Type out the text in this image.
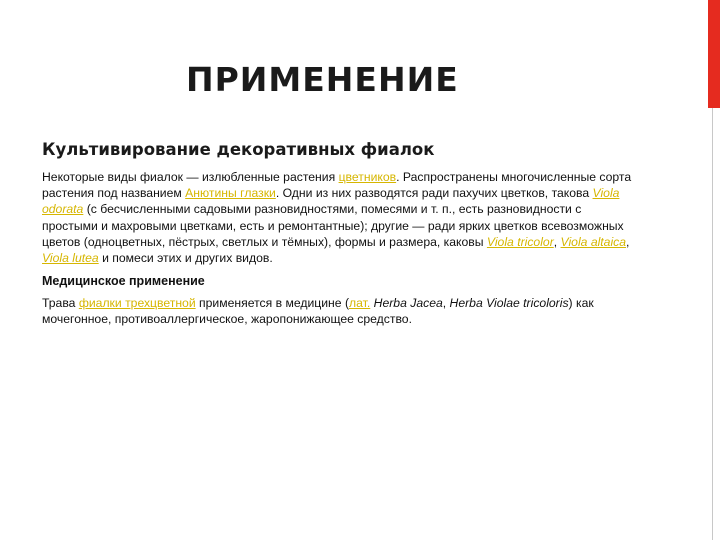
ПРИМЕНЕНИЕ
Культивирование декоративных фиалок

Некоторые виды фиалок — излюбленные растения цветников. Распространены многочисленные сорта растения под названием Анютины глазки. Одни из них разводятся ради пахучих цветков, такова Viola odorata (с бесчисленными садовыми разновидностями, помесями и т. п., есть разновидности с простыми и махровыми цветками, есть и ремонтантные); другие — ради ярких цветков всевозможных цветов (одноцветных, пёстрых, светлых и тёмных), формы и размера, каковы Viola tricolor, Viola altaica, Viola lutea и помеси этих и других видов.

Медицинское применение

Трава фиалки трехцветной применяется в медицине (лат. Herba Jacea, Herba Violae tricoloris) как мочегонное, противоаллергическое, жаропонижающее средство.
